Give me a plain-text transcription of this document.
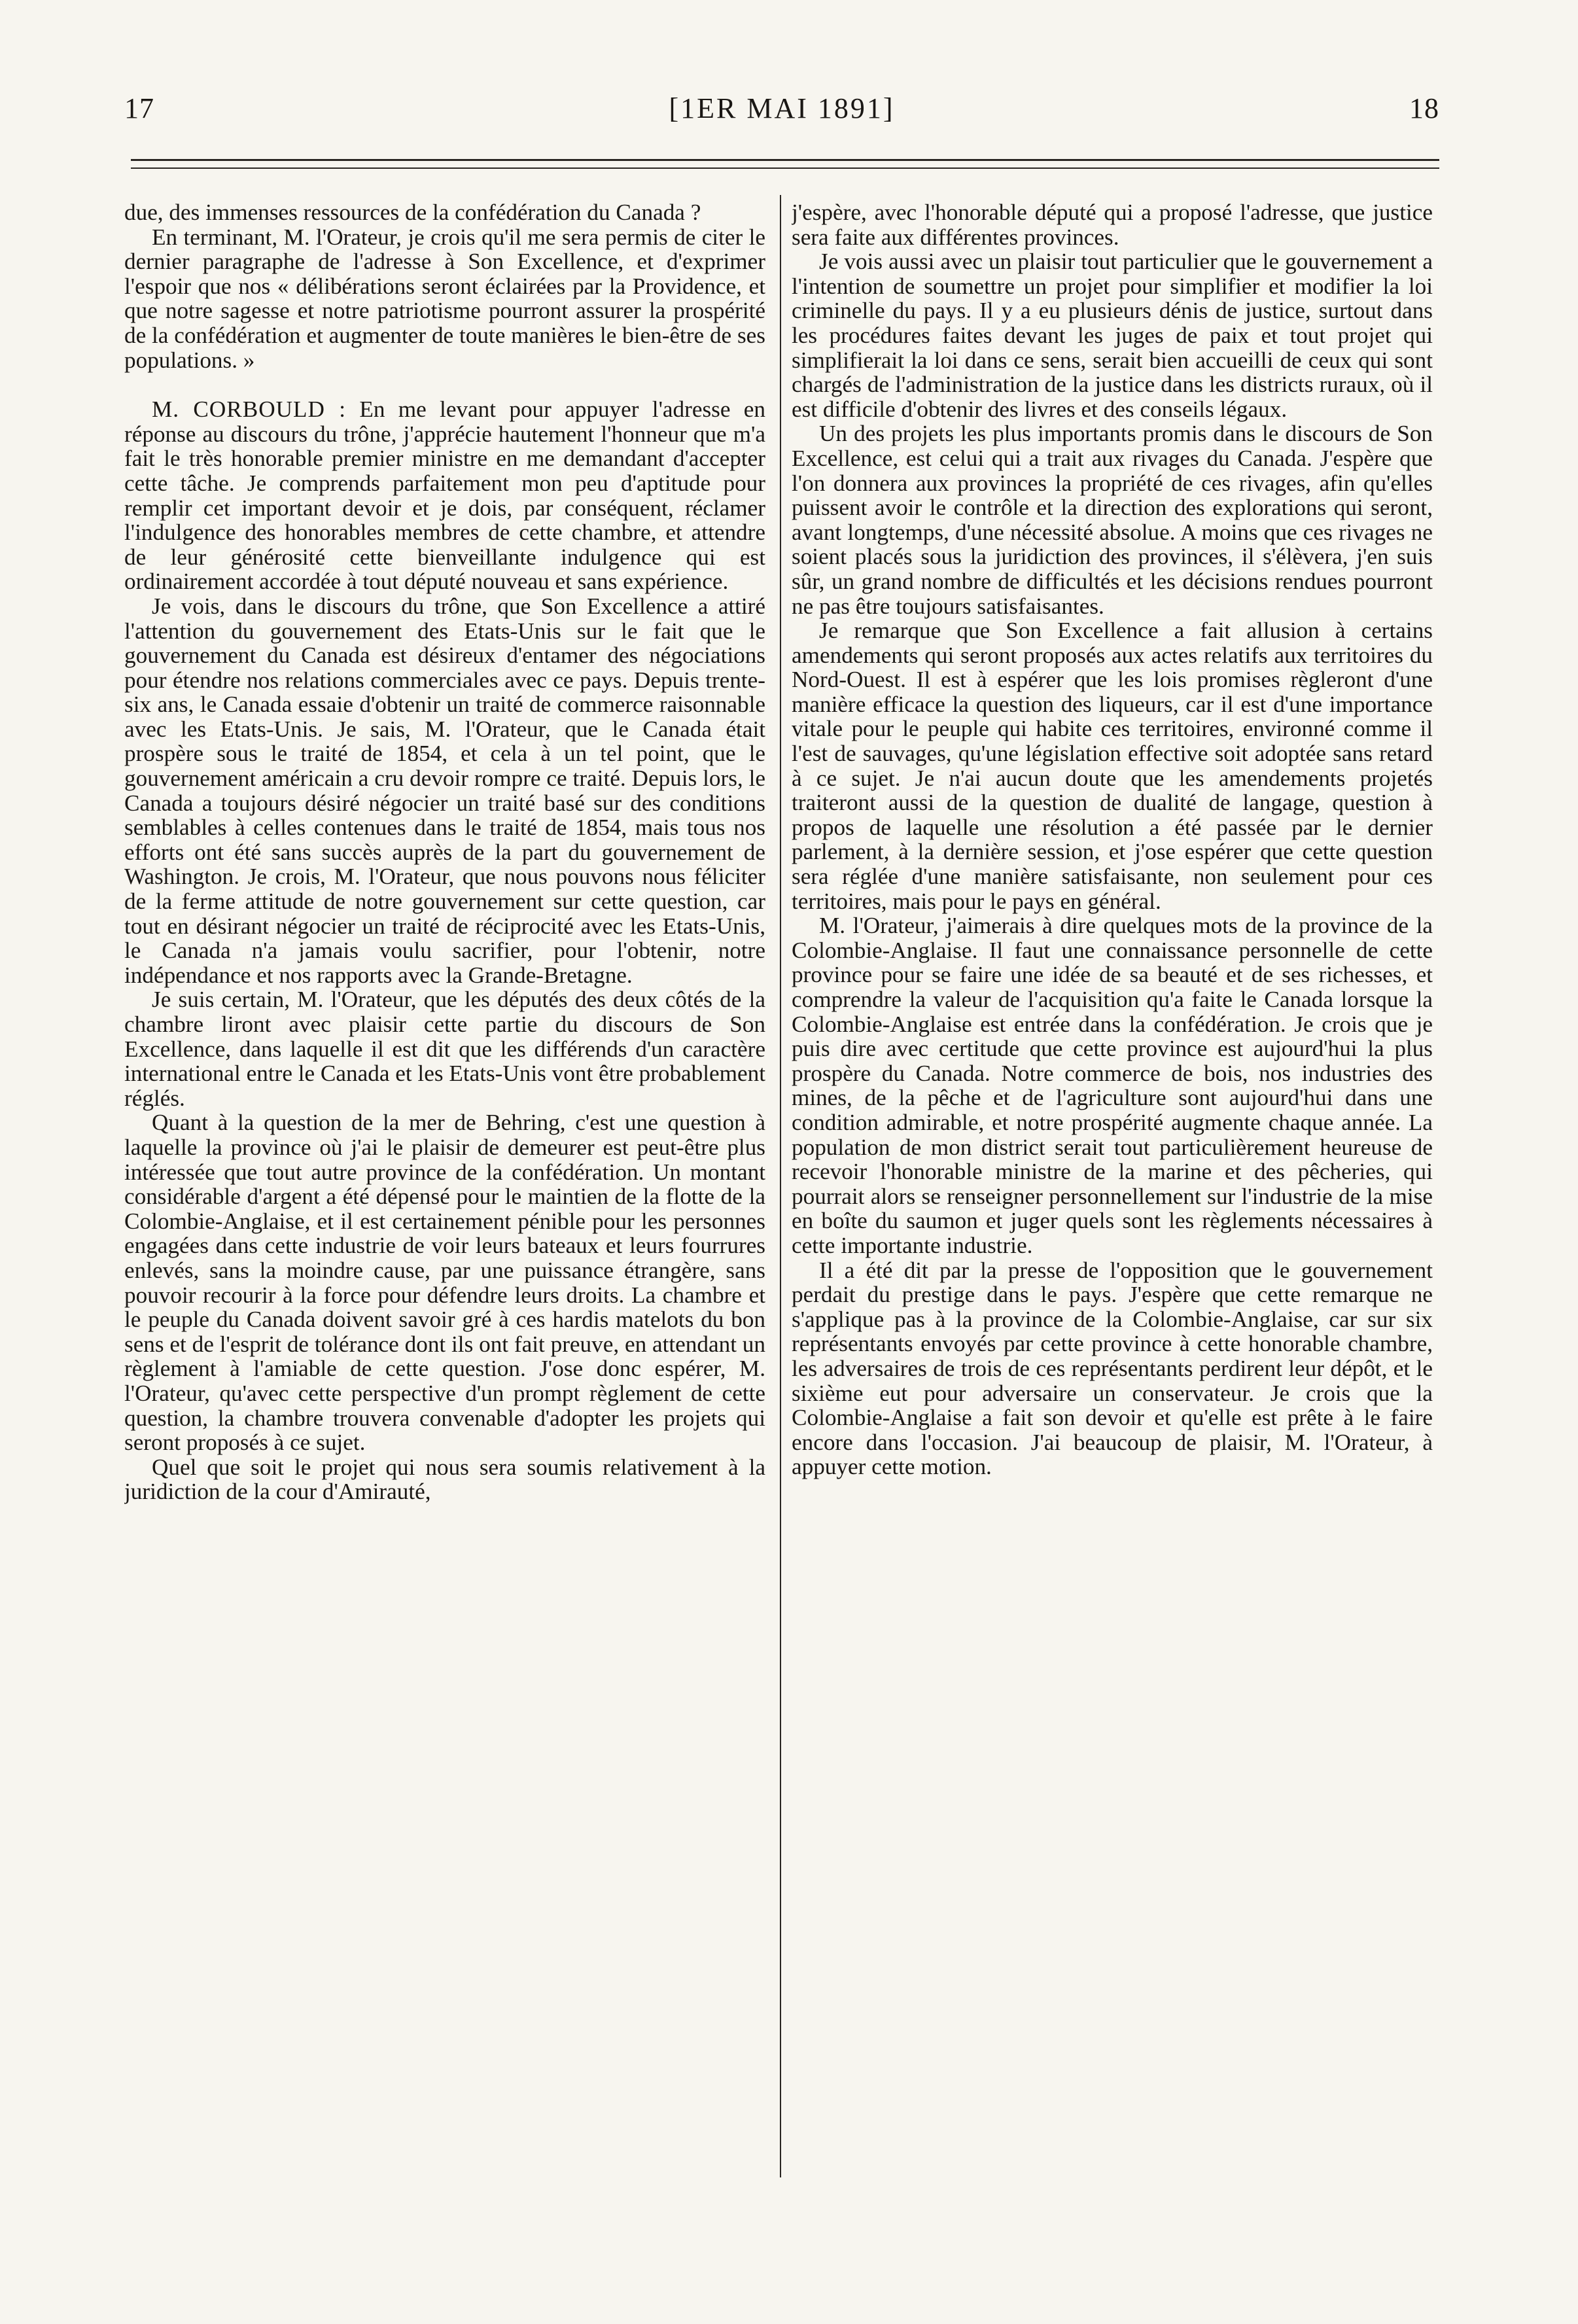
17	[1ER MAI 1891]	18

due, des immenses ressources de la confédération du Canada ?

En terminant, M. l'Orateur, je crois qu'il me sera permis de citer le dernier paragraphe de l'adresse à Son Excellence, et d'exprimer l'espoir que nos « délibérations seront éclairées par la Providence, et que notre sagesse et notre patriotisme pourront assurer la prospérité de la confédération et augmenter de toute manières le bien-être de ses populations. »

M. CORBOULD : En me levant pour appuyer l'adresse en réponse au discours du trône, j'apprécie hautement l'honneur que m'a fait le très honorable premier ministre en me demandant d'accepter cette tâche. Je comprends parfaitement mon peu d'aptitude pour remplir cet important devoir et je dois, par conséquent, réclamer l'indulgence des honorables membres de cette chambre, et attendre de leur générosité cette bienveillante indulgence qui est ordinairement accordée à tout député nouveau et sans expérience.

Je vois, dans le discours du trône, que Son Excellence a attiré l'attention du gouvernement des Etats-Unis sur le fait que le gouvernement du Canada est désireux d'entamer des négociations pour étendre nos relations commerciales avec ce pays. Depuis trente-six ans, le Canada essaie d'obtenir un traité de commerce raisonnable avec les Etats-Unis. Je sais, M. l'Orateur, que le Canada était prospère sous le traité de 1854, et cela à un tel point, que le gouvernement américain a cru devoir rompre ce traité. Depuis lors, le Canada a toujours désiré négocier un traité basé sur des conditions semblables à celles contenues dans le traité de 1854, mais tous nos efforts ont été sans succès auprès de la part du gouvernement de Washington. Je crois, M. l'Orateur, que nous pouvons nous féliciter de la ferme attitude de notre gouvernement sur cette question, car tout en désirant négocier un traité de réciprocité avec les Etats-Unis, le Canada n'a jamais voulu sacrifier, pour l'obtenir, notre indépendance et nos rapports avec la Grande-Bretagne.

Je suis certain, M. l'Orateur, que les députés des deux côtés de la chambre liront avec plaisir cette partie du discours de Son Excellence, dans laquelle il est dit que les différends d'un caractère international entre le Canada et les Etats-Unis vont être probablement réglés.

Quant à la question de la mer de Behring, c'est une question à laquelle la province où j'ai le plaisir de demeurer est peut-être plus intéressée que tout autre province de la confédération. Un montant considérable d'argent a été dépensé pour le maintien de la flotte de la Colombie-Anglaise, et il est certainement pénible pour les personnes engagées dans cette industrie de voir leurs bateaux et leurs fourrures enlevés, sans la moindre cause, par une puissance étrangère, sans pouvoir recourir à la force pour défendre leurs droits. La chambre et le peuple du Canada doivent savoir gré à ces hardis matelots du bon sens et de l'esprit de tolérance dont ils ont fait preuve, en attendant un règlement à l'amiable de cette question. J'ose donc espérer, M. l'Orateur, qu'avec cette perspective d'un prompt règlement de cette question, la chambre trouvera convenable d'adopter les projets qui seront proposés à ce sujet.

Quel que soit le projet qui nous sera soumis relativement à la juridiction de la cour d'Amirauté,

j'espère, avec l'honorable député qui a proposé l'adresse, que justice sera faite aux différentes provinces.

Je vois aussi avec un plaisir tout particulier que le gouvernement a l'intention de soumettre un projet pour simplifier et modifier la loi criminelle du pays. Il y a eu plusieurs dénis de justice, surtout dans les procédures faites devant les juges de paix et tout projet qui simplifierait la loi dans ce sens, serait bien accueilli de ceux qui sont chargés de l'administration de la justice dans les districts ruraux, où il est difficile d'obtenir des livres et des conseils légaux.

Un des projets les plus importants promis dans le discours de Son Excellence, est celui qui a trait aux rivages du Canada. J'espère que l'on donnera aux provinces la propriété de ces rivages, afin qu'elles puissent avoir le contrôle et la direction des explorations qui seront, avant longtemps, d'une nécessité absolue. A moins que ces rivages ne soient placés sous la juridiction des provinces, il s'élèvera, j'en suis sûr, un grand nombre de difficultés et les décisions rendues pourront ne pas être toujours satisfaisantes.

Je remarque que Son Excellence a fait allusion à certains amendements qui seront proposés aux actes relatifs aux territoires du Nord-Ouest. Il est à espérer que les lois promises règleront d'une manière efficace la question des liqueurs, car il est d'une importance vitale pour le peuple qui habite ces territoires, environné comme il l'est de sauvages, qu'une législation effective soit adoptée sans retard à ce sujet. Je n'ai aucun doute que les amendements projetés traiteront aussi de la question de dualité de langage, question à propos de laquelle une résolution a été passée par le dernier parlement, à la dernière session, et j'ose espérer que cette question sera réglée d'une manière satisfaisante, non seulement pour ces territoires, mais pour le pays en général.

M. l'Orateur, j'aimerais à dire quelques mots de la province de la Colombie-Anglaise. Il faut une connaissance personnelle de cette province pour se faire une idée de sa beauté et de ses richesses, et comprendre la valeur de l'acquisition qu'a faite le Canada lorsque la Colombie-Anglaise est entrée dans la confédération. Je crois que je puis dire avec certitude que cette province est aujourd'hui la plus prospère du Canada. Notre commerce de bois, nos industries des mines, de la pêche et de l'agriculture sont aujourd'hui dans une condition admirable, et notre prospérité augmente chaque année. La population de mon district serait tout particulièrement heureuse de recevoir l'honorable ministre de la marine et des pêcheries, qui pourrait alors se renseigner personnellement sur l'industrie de la mise en boîte du saumon et juger quels sont les règlements nécessaires à cette importante industrie.

Il a été dit par la presse de l'opposition que le gouvernement perdait du prestige dans le pays. J'espère que cette remarque ne s'applique pas à la province de la Colombie-Anglaise, car sur six représentants envoyés par cette province à cette honorable chambre, les adversaires de trois de ces représentants perdirent leur dépôt, et le sixième eut pour adversaire un conservateur. Je crois que la Colombie-Anglaise a fait son devoir et qu'elle est prête à le faire encore dans l'occasion. J'ai beaucoup de plaisir, M. l'Orateur, à appuyer cette motion.
